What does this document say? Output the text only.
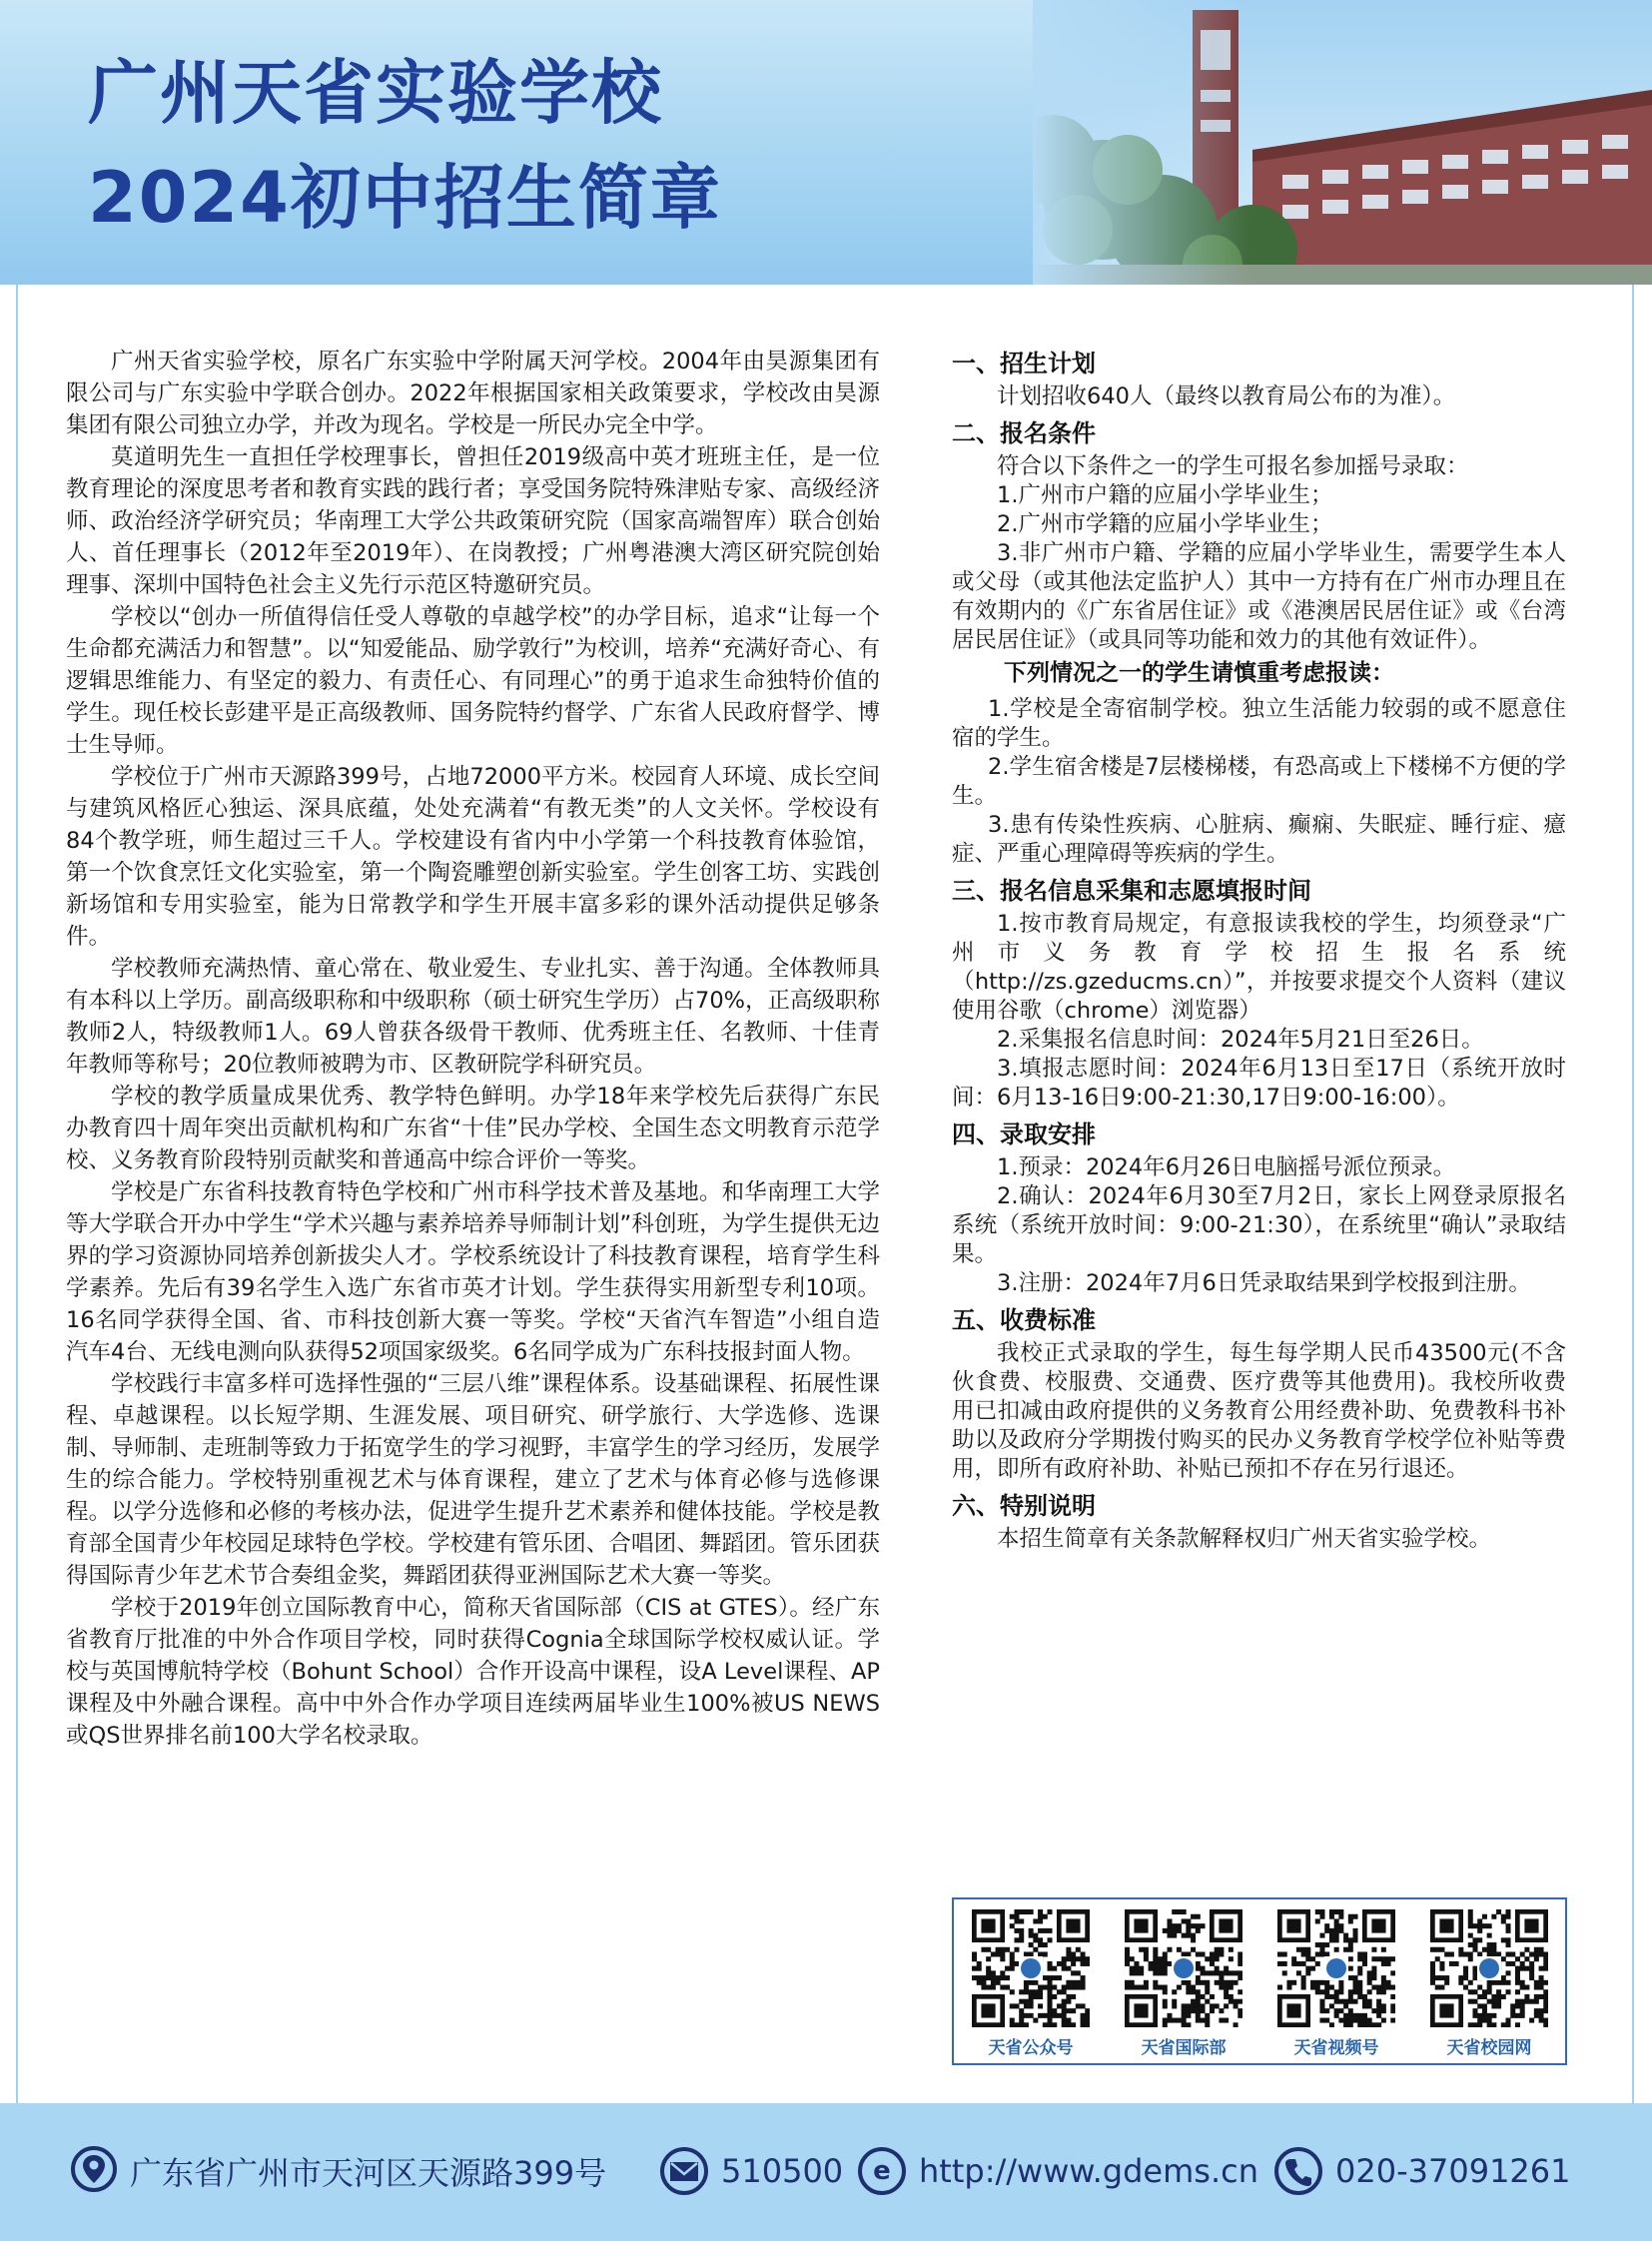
广州天省实验学校
2024初中招生简章

广州天省实验学校，原名广东实验中学附属天河学校。2004年由昊源集团有限公司与广东实验中学联合创办。2022年根据国家相关政策要求，学校改由昊源集团有限公司独立办学，并改为现名。学校是一所民办完全中学。

莫道明先生一直担任学校理事长，曾担任2019级高中英才班班主任，是一位教育理论的深度思考者和教育实践的践行者；享受国务院特殊津贴专家、高级经济师、政治经济学研究员；华南理工大学公共政策研究院（国家高端智库）联合创始人、首任理事长（2012年至2019年）、在岗教授；广州粤港澳大湾区研究院创始理事、深圳中国特色社会主义先行示范区特邀研究员。

学校以“创办一所值得信任受人尊敬的卓越学校”的办学目标，追求“让每一个生命都充满活力和智慧”。以“知爱能品、励学敦行”为校训，培养“充满好奇心、有逻辑思维能力、有坚定的毅力、有责任心、有同理心”的勇于追求生命独特价值的学生。现任校长彭建平是正高级教师、国务院特约督学、广东省人民政府督学、博士生导师。

学校位于广州市天源路399号，占地72000平方米。校园育人环境、成长空间与建筑风格匠心独运、深具底蕴，处处充满着“有教无类”的人文关怀。学校设有84个教学班，师生超过三千人。学校建设有省内中小学第一个科技教育体验馆，第一个饮食烹饪文化实验室，第一个陶瓷雕塑创新实验室。学生创客工坊、实践创新场馆和专用实验室，能为日常教学和学生开展丰富多彩的课外活动提供足够条件。

学校教师充满热情、童心常在、敬业爱生、专业扎实、善于沟通。全体教师具有本科以上学历。副高级职称和中级职称（硕士研究生学历）占70%，正高级职称教师2人，特级教师1人。69人曾获各级骨干教师、优秀班主任、名教师、十佳青年教师等称号；20位教师被聘为市、区教研院学科研究员。

学校的教学质量成果优秀、教学特色鲜明。办学18年来学校先后获得广东民办教育四十周年突出贡献机构和广东省“十佳”民办学校、全国生态文明教育示范学校、义务教育阶段特别贡献奖和普通高中综合评价一等奖。

学校是广东省科技教育特色学校和广州市科学技术普及基地。和华南理工大学等大学联合开办中学生“学术兴趣与素养培养导师制计划”科创班，为学生提供无边界的学习资源协同培养创新拔尖人才。学校系统设计了科技教育课程，培育学生科学素养。先后有39名学生入选广东省市英才计划。学生获得实用新型专利10项。16名同学获得全国、省、市科技创新大赛一等奖。学校“天省汽车智造”小组自造汽车4台、无线电测向队获得52项国家级奖。6名同学成为广东科技报封面人物。

学校践行丰富多样可选择性强的“三层八维”课程体系。设基础课程、拓展性课程、卓越课程。以长短学期、生涯发展、项目研究、研学旅行、大学选修、选课制、导师制、走班制等致力于拓宽学生的学习视野，丰富学生的学习经历，发展学生的综合能力。学校特别重视艺术与体育课程，建立了艺术与体育必修与选修课程。以学分选修和必修的考核办法，促进学生提升艺术素养和健体技能。学校是教育部全国青少年校园足球特色学校。学校建有管乐团、合唱团、舞蹈团。管乐团获得国际青少年艺术节合奏组金奖，舞蹈团获得亚洲国际艺术大赛一等奖。

学校于2019年创立国际教育中心，简称天省国际部（CIS at GTES）。经广东省教育厅批准的中外合作项目学校，同时获得Cognia全球国际学校权威认证。学校与英国博航特学校（Bohunt School）合作开设高中课程，设A Level课程、AP课程及中外融合课程。高中中外合作办学项目连续两届毕业生100%被US NEWS或QS世界排名前100大学名校录取。

一、招生计划

计划招收640人（最终以教育局公布的为准）。

二、报名条件

符合以下条件之一的学生可报名参加摇号录取：

1.广州市户籍的应届小学毕业生；

2.广州市学籍的应届小学毕业生；

3.非广州市户籍、学籍的应届小学毕业生，需要学生本人或父母（或其他法定监护人）其中一方持有在广州市办理且在有效期内的《广东省居住证》或《港澳居民居住证》或《台湾居民居住证》（或具同等功能和效力的其他有效证件）。

下列情况之一的学生请慎重考虑报读：

1.学校是全寄宿制学校。独立生活能力较弱的或不愿意住宿的学生。

2.学生宿舍楼是7层楼梯楼，有恐高或上下楼梯不方便的学生。

3.患有传染性疾病、心脏病、癫痫、失眠症、睡行症、癔症、严重心理障碍等疾病的学生。

三、报名信息采集和志愿填报时间

1.按市教育局规定，有意报读我校的学生，均须登录“广州市义务教育学校招生报名系统（http://zs.gzeducms.cn）”，并按要求提交个人资料（建议使用谷歌（chrome）浏览器）

2.采集报名信息时间：2024年5月21日至26日。

3.填报志愿时间：2024年6月13日至17日（系统开放时间：6月13-16日9:00-21:30,17日9:00-16:00）。

四、录取安排

1.预录：2024年6月26日电脑摇号派位预录。

2.确认：2024年6月30至7月2日，家长上网登录原报名系统（系统开放时间：9:00-21:30），在系统里“确认”录取结果。

3.注册：2024年7月6日凭录取结果到学校报到注册。

五、收费标准

我校正式录取的学生，每生每学期人民币43500元(不含伙食费、校服费、交通费、医疗费等其他费用)。我校所收费用已扣减由政府提供的义务教育公用经费补助、免费教科书补助以及政府分学期拨付购买的民办义务教育学校学位补贴等费用，即所有政府补助、补贴已预扣不存在另行退还。

六、特别说明

本招生简章有关条款解释权归广州天省实验学校。

天省公众号	天省国际部	天省视频号	天省校园网
广东省广州市天河区天源路399号	510500 e http://www.gdems.cn 020-37091261
